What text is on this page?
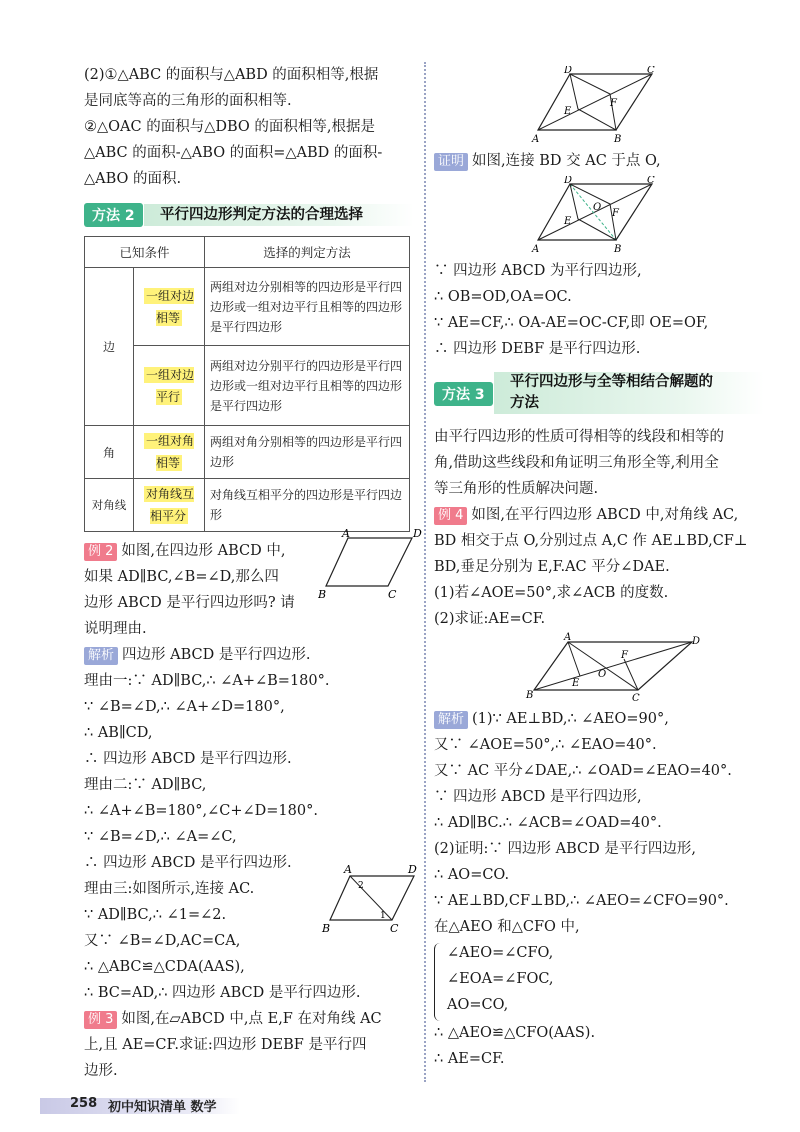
(2)①△ABC 的面积与△ABD 的面积相等,根据
是同底等高的三角形的面积相等.
②△OAC 的面积与△DBO 的面积相等,根据是
△ABC 的面积-△ABO 的面积=△ABD 的面积-
△ABO 的面积.
方法 2	平行四边形判定方法的合理选择
已知条件		选择的判定方法
边	一组对边相等	两组对边分别相等的四边形是平行四边形或一组对边平行且相等的四边形是平行四边形
	一组对边平行	两组对边分别平行的四边形是平行四边形或一组对边平行且相等的四边形是平行四边形
角	一组对角相等	两组对角分别相等的四边形是平行四边形
对角线	对角线互相平分	对角线互相平分的四边形是平行四边形
例 2 如图,在四边形 ABCD 中,
如果 AD∥BC,∠B=∠D,那么四
边形 ABCD 是平行四边形吗? 请
说明理由.
解析 四边形 ABCD 是平行四边形.
理由一:∵ AD∥BC,∴ ∠A+∠B=180°.
∵ ∠B=∠D,∴ ∠A+∠D=180°,
∴ AB∥CD,
∴ 四边形 ABCD 是平行四边形.
理由二:∵ AD∥BC,
∴ ∠A+∠B=180°,∠C+∠D=180°.
∵ ∠B=∠D,∴ ∠A=∠C,
∴ 四边形 ABCD 是平行四边形.
理由三:如图所示,连接 AC.
∵ AD∥BC,∴ ∠1=∠2.
又∵ ∠B=∠D,AC=CA,
∴ △ABC≌△CDA(AAS),
∴ BC=AD,∴ 四边形 ABCD 是平行四边形.
例 3 如图,在▱ABCD 中,点 E,F 在对角线 AC
上,且 AE=CF.求证:四边形 DEBF 是平行四
边形.
A	D
B	C
A	D
B	C
2
1
D	C
A	B
E
F
证明 如图,连接 BD 交 AC 于点 O,
D	C
A	B
E
F
O
∵ 四边形 ABCD 为平行四边形,
∴ OB=OD,OA=OC.
∵ AE=CF,∴ OA-AE=OC-CF,即 OE=OF,
∴ 四边形 DEBF 是平行四边形.
方法 3
平行四边形与全等相结合解题的
方法
由平行四边形的性质可得相等的线段和相等的
角,借助这些线段和角证明三角形全等,利用全
等三角形的性质解决问题.
例 4 如图,在平行四边形 ABCD 中,对角线 AC,
BD 相交于点 O,分别过点 A,C 作 AE⊥BD,CF⊥
BD,垂足分别为 E,F.AC 平分∠DAE.
(1)若∠AOE=50°,求∠ACB 的度数.
(2)求证:AE=CF.
A	D
B	C
E
F
O
解析 (1)∵ AE⊥BD,∴ ∠AEO=90°,
又∵ ∠AOE=50°,∴ ∠EAO=40°.
又∵ AC 平分∠DAE,∴ ∠OAD=∠EAO=40°.
∵ 四边形 ABCD 是平行四边形,
∴ AD∥BC.∴ ∠ACB=∠OAD=40°.
(2)证明:∵ 四边形 ABCD 是平行四边形,
∴ AO=CO.
∵ AE⊥BD,CF⊥BD,∴ ∠AEO=∠CFO=90°.
在△AEO 和△CFO 中,
∠AEO=∠CFO,
∠EOA=∠FOC,
AO=CO,
∴ △AEO≌△CFO(AAS).
∴ AE=CF.
258 初中知识清单 数学
